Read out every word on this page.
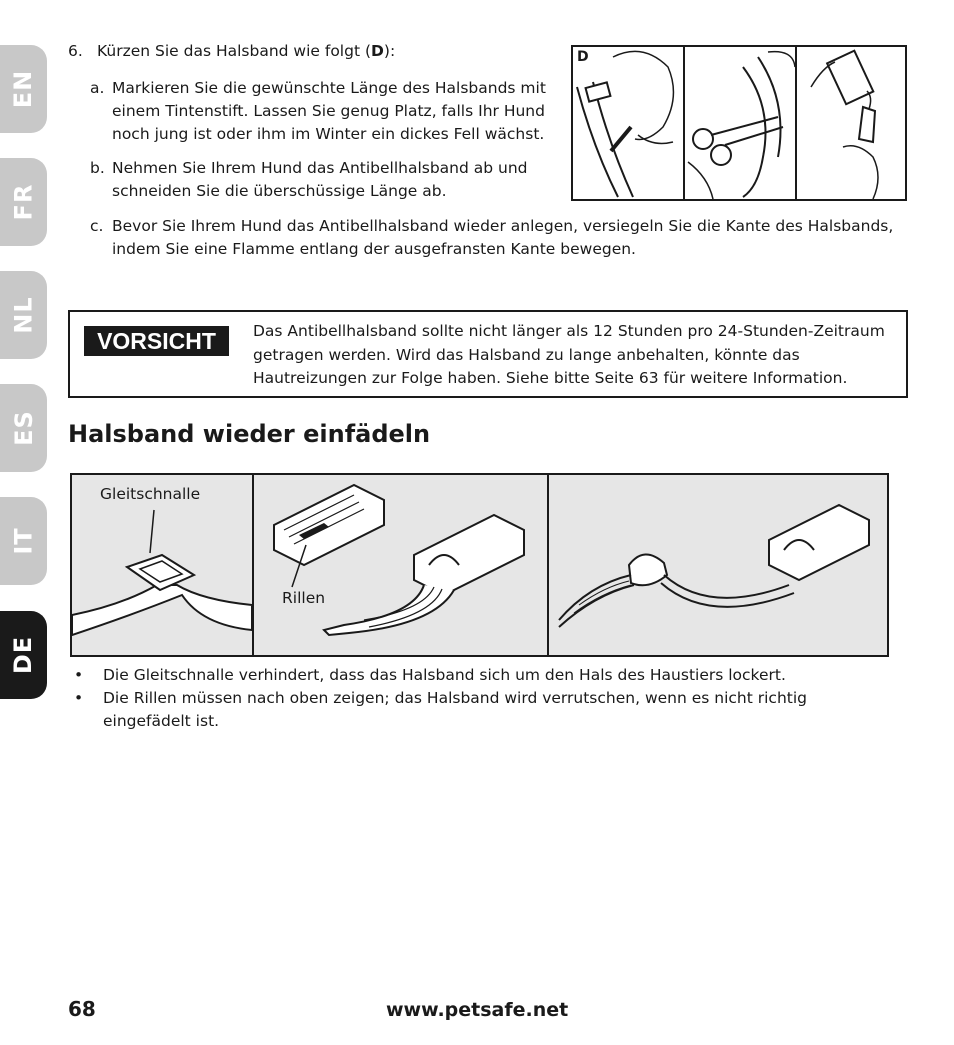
EN
FR
NL
ES
IT
DE
6. Kürzen Sie das Halsband wie folgt (D):
a. Markieren Sie die gewünschte Länge des Halsbands mit einem Tintenstift. Lassen Sie genug Platz, falls Ihr Hund noch jung ist oder ihm im Winter ein dickes Fell wächst.
b. Nehmen Sie Ihrem Hund das Antibellhalsband ab und schneiden Sie die überschüssige Länge ab.
c. Bevor Sie Ihrem Hund das Antibellhalsband wieder anlegen, versiegeln Sie die Kante des Halsbands, indem Sie eine Flamme entlang der ausgefransten Kante bewegen.
D
VORSICHT	Das Antibellhalsband sollte nicht länger als 12 Stunden pro 24-Stunden-Zeitraum getragen werden. Wird das Halsband zu lange anbehalten, könnte das Hautreizungen zur Folge haben. Siehe bitte Seite 63 für weitere Information.
Halsband wieder einfädeln
Gleitschnalle
Rillen
•	Die Gleitschnalle verhindert, dass das Halsband sich um den Hals des Haustiers lockert.
•	Die Rillen müssen nach oben zeigen; das Halsband wird verrutschen, wenn es nicht richtig eingefädelt ist.
68	www.petsafe.net
